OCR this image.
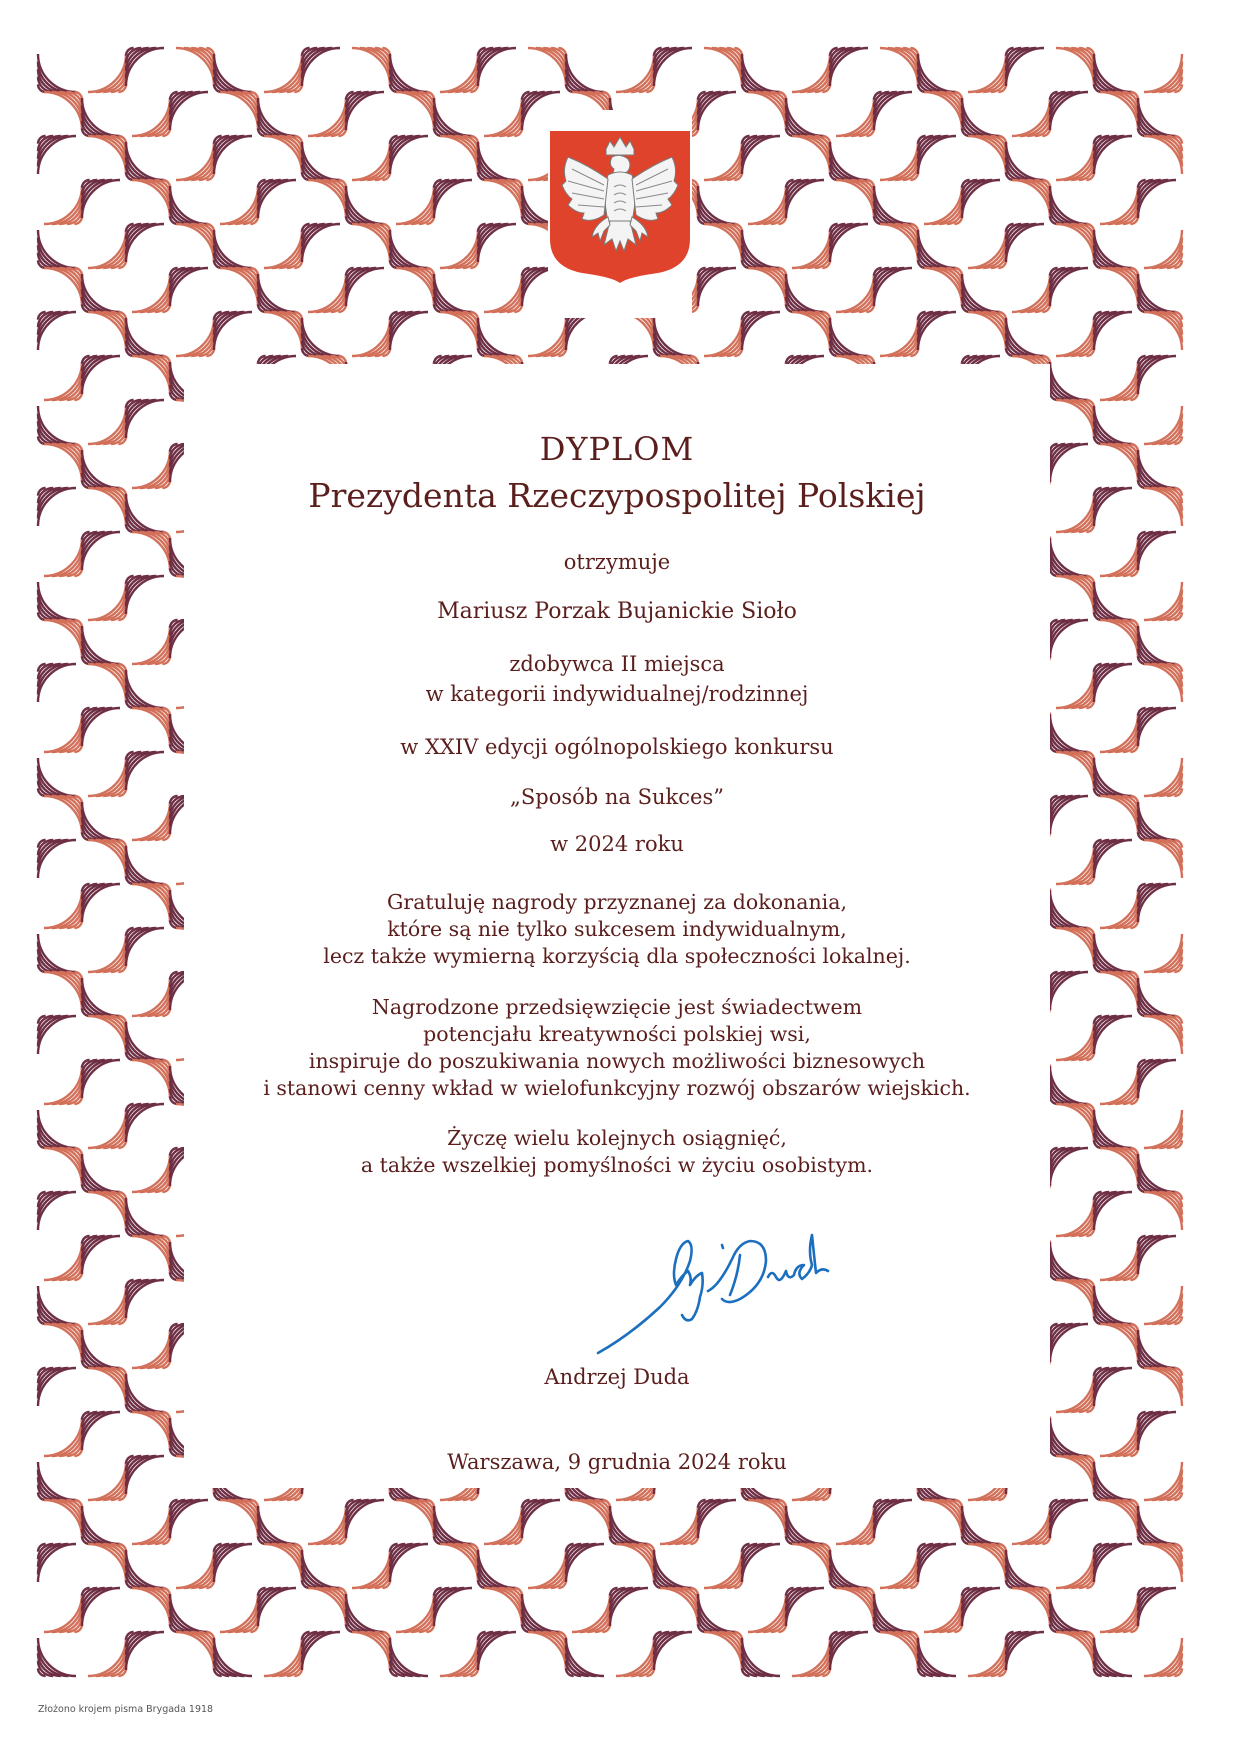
DYPLOM
Prezydenta Rzeczypospolitej Polskiej
otrzymuje
Mariusz Porzak Bujanickie Sioło
zdobywca II miejsca
w kategorii indywidualnej/rodzinnej
w XXIV edycji ogólnopolskiego konkursu
„Sposób na Sukces”
w 2024 roku
Gratuluję nagrody przyznanej za dokonania,
które są nie tylko sukcesem indywidualnym,
lecz także wymierną korzyścią dla społeczności lokalnej.
Nagrodzone przedsięwzięcie jest świadectwem
potencjału kreatywności polskiej wsi,
inspiruje do poszukiwania nowych możliwości biznesowych
i stanowi cenny wkład w wielofunkcyjny rozwój obszarów wiejskich.
Życzę wielu kolejnych osiągnięć,
a także wszelkiej pomyślności w życiu osobistym.
Andrzej Duda
Warszawa, 9 grudnia 2024 roku
Złożono krojem pisma Brygada 1918
